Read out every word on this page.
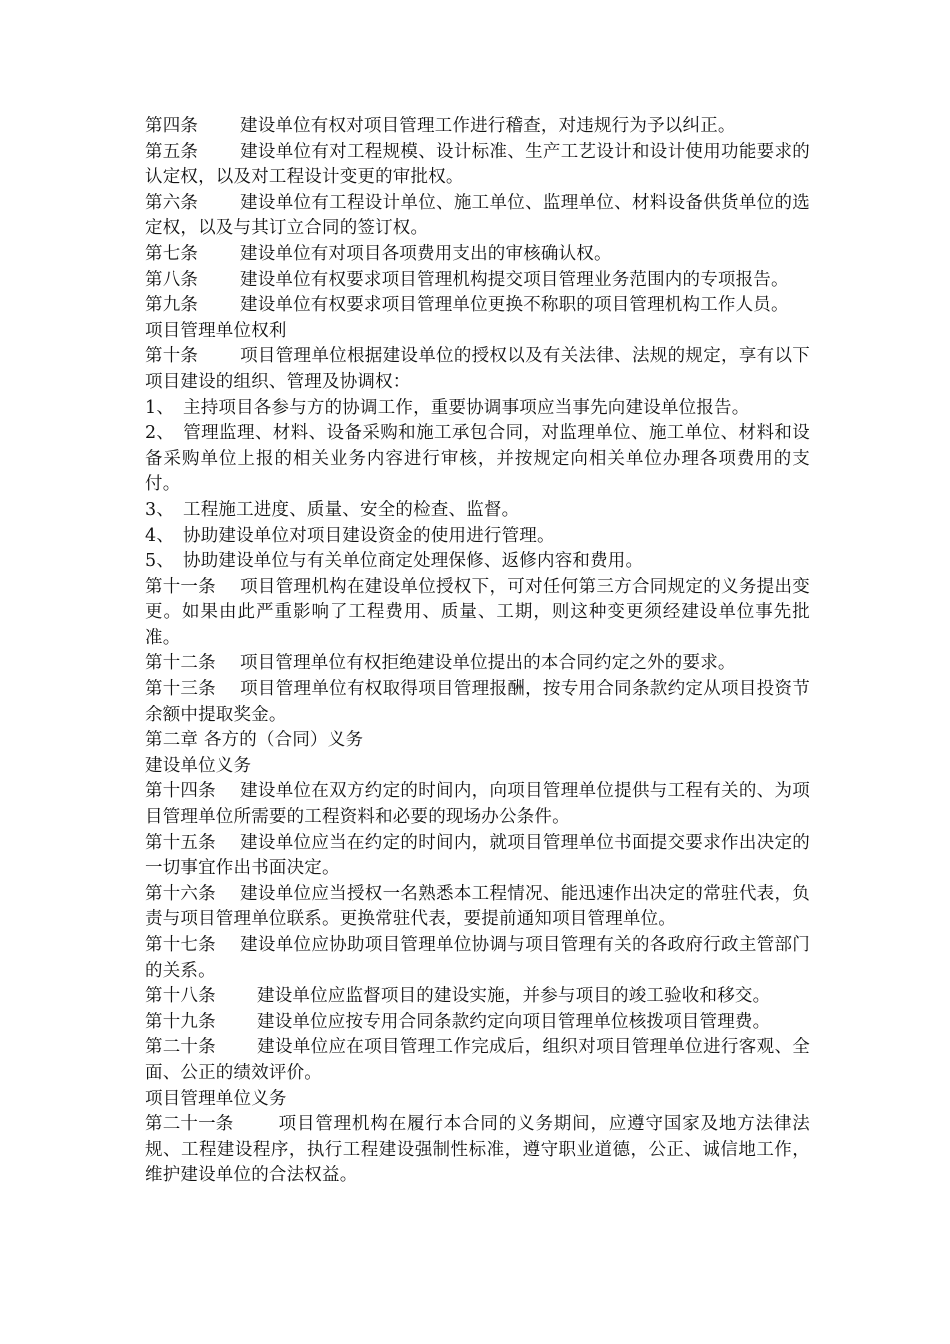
第四条 建设单位有权对项目管理工作进行稽查，对违规行为予以纠正。

第五条 建设单位有对工程规模、设计标准、生产工艺设计和设计使用功能要求的认定权，以及对工程设计变更的审批权。

第六条 建设单位有工程设计单位、施工单位、监理单位、材料设备供货单位的选定权，以及与其订立合同的签订权。

第七条 建设单位有对项目各项费用支出的审核确认权。

第八条 建设单位有权要求项目管理机构提交项目管理业务范围内的专项报告。

第九条 建设单位有权要求项目管理单位更换不称职的项目管理机构工作人员。

项目管理单位权利

第十条 项目管理单位根据建设单位的授权以及有关法律、法规的规定，享有以下项目建设的组织、管理及协调权：

1、 主持项目各参与方的协调工作，重要协调事项应当事先向建设单位报告。

2、 管理监理、材料、设备采购和施工承包合同，对监理单位、施工单位、材料和设备采购单位上报的相关业务内容进行审核，并按规定向相关单位办理各项费用的支付。

3、 工程施工进度、质量、安全的检查、监督。

4、 协助建设单位对项目建设资金的使用进行管理。

5、 协助建设单位与有关单位商定处理保修、返修内容和费用。

第十一条 项目管理机构在建设单位授权下，可对任何第三方合同规定的义务提出变更。如果由此严重影响了工程费用、质量、工期，则这种变更须经建设单位事先批准。

第十二条 项目管理单位有权拒绝建设单位提出的本合同约定之外的要求。

第十三条 项目管理单位有权取得项目管理报酬，按专用合同条款约定从项目投资节余额中提取奖金。

第二章 各方的（合同）义务

建设单位义务

第十四条 建设单位在双方约定的时间内，向项目管理单位提供与工程有关的、为项目管理单位所需要的工程资料和必要的现场办公条件。

第十五条 建设单位应当在约定的时间内，就项目管理单位书面提交要求作出决定的一切事宜作出书面决定。

第十六条 建设单位应当授权一名熟悉本工程情况、能迅速作出决定的常驻代表，负责与项目管理单位联系。更换常驻代表，要提前通知项目管理单位。

第十七条 建设单位应协助项目管理单位协调与项目管理有关的各政府行政主管部门的关系。

第十八条 建设单位应监督项目的建设实施，并参与项目的竣工验收和移交。

第十九条 建设单位应按专用合同条款约定向项目管理单位核拨项目管理费。

第二十条 建设单位应在项目管理工作完成后，组织对项目管理单位进行客观、全面、公正的绩效评价。

项目管理单位义务

第二十一条	项目管理机构在履行本合同的义务期间，应遵守国家及地方法律法规、工程建设程序，执行工程建设强制性标准，遵守职业道德，公正、诚信地工作，维护建设单位的合法权益。
